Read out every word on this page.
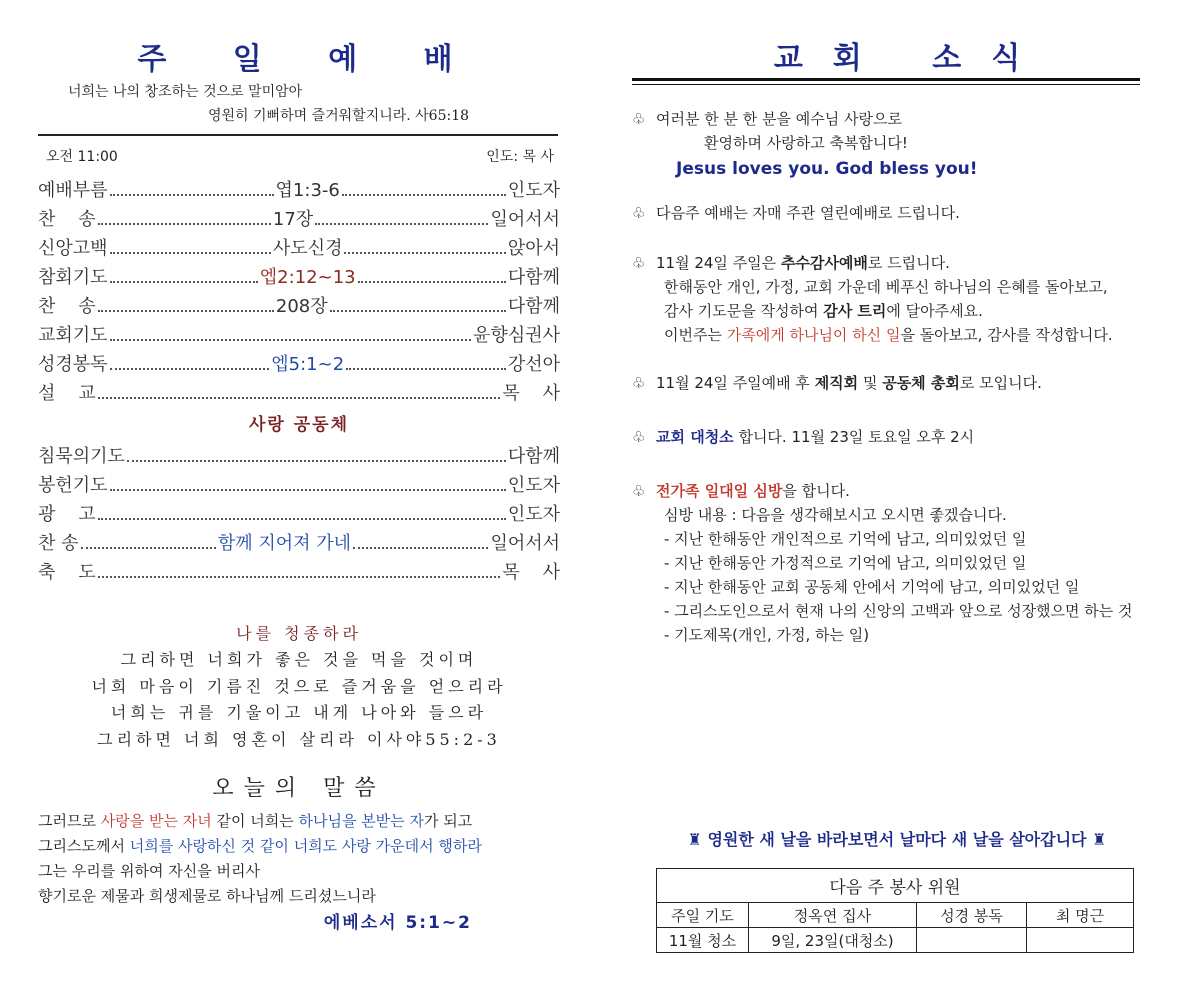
주 일 예 배
너희는 나의 창조하는 것으로 말미암아
영원히 기뻐하며 즐거워할지니라. 사65:18
오전 11:00	인도: 목 사
예배부름	엽1:3-6	인도자
찬    송	17장	일어서서
신앙고백	사도신경	앉아서
참회기도	엡2:12~13	다함께
찬    송	208장	다함께
교회기도	윤향심권사
성경봉독	엡5:1~2	강선아
설    교	목    사
사랑 공동체
침묵의기도	다함께
봉헌기도	인도자
광    고	인도자
찬 송	함께 지어져 가네	일어서서
축    도	목    사
나를 청종하라
그리하면 너희가 좋은 것을 먹을 것이며
너희 마음이 기름진 것으로 즐거움을 얻으리라
너희는 귀를 기울이고 내게 나아와 들으라
그리하면 너희 영혼이 살리라 이사야55:2-3
오늘의 말씀
그러므로 사랑을 받는 자녀 같이 너희는 하나님을 본받는 자가 되고
그리스도께서 너희를 사랑하신 것 같이 너희도 사랑 가운데서 행하라
그는 우리를 위하여 자신을 버리사
향기로운 제물과 희생제물로 하나님께 드리셨느니라
에베소서 5:1~2
교회 소식
♧ 여러분 한 분 한 분을 예수님 사랑으로
환영하며 사랑하고 축복합니다!
Jesus loves you. God bless you!
♧ 다음주 예배는 자매 주관 열린예배로 드립니다.
♧ 11월 24일 주일은 추수감사예배로 드립니다.
한해동안 개인, 가정, 교회 가운데 베푸신 하나님의 은혜를 돌아보고,
감사 기도문을 작성하여 감사 트리에 달아주세요.
이번주는 가족에게 하나님이 하신 일을 돌아보고, 감사를 작성합니다.
♧ 11월 24일 주일예배 후 제직회 및 공동체 총회로 모입니다.
♧ 교회 대청소 합니다. 11월 23일 토요일 오후 2시
♧ 전가족 일대일 심방을 합니다.
심방 내용 : 다음을 생각해보시고 오시면 좋겠습니다.
- 지난 한해동안 개인적으로 기억에 남고, 의미있었던 일
- 지난 한해동안 가정적으로 기억에 남고, 의미있었던 일
- 지난 한해동안 교회 공동체 안에서 기억에 남고, 의미있었던 일
- 그리스도인으로서 현재 나의 신앙의 고백과 앞으로 성장했으면 하는 것
- 기도제목(개인, 가정, 하는 일)
♜ 영원한 새 날을 바라보면서 날마다 새 날을 살아갑니다 ♜
다음 주 봉사 위원			
주일 기도	정옥연 집사	성경 봉독	최 명근
11월 청소	9일, 23일(대청소)		
